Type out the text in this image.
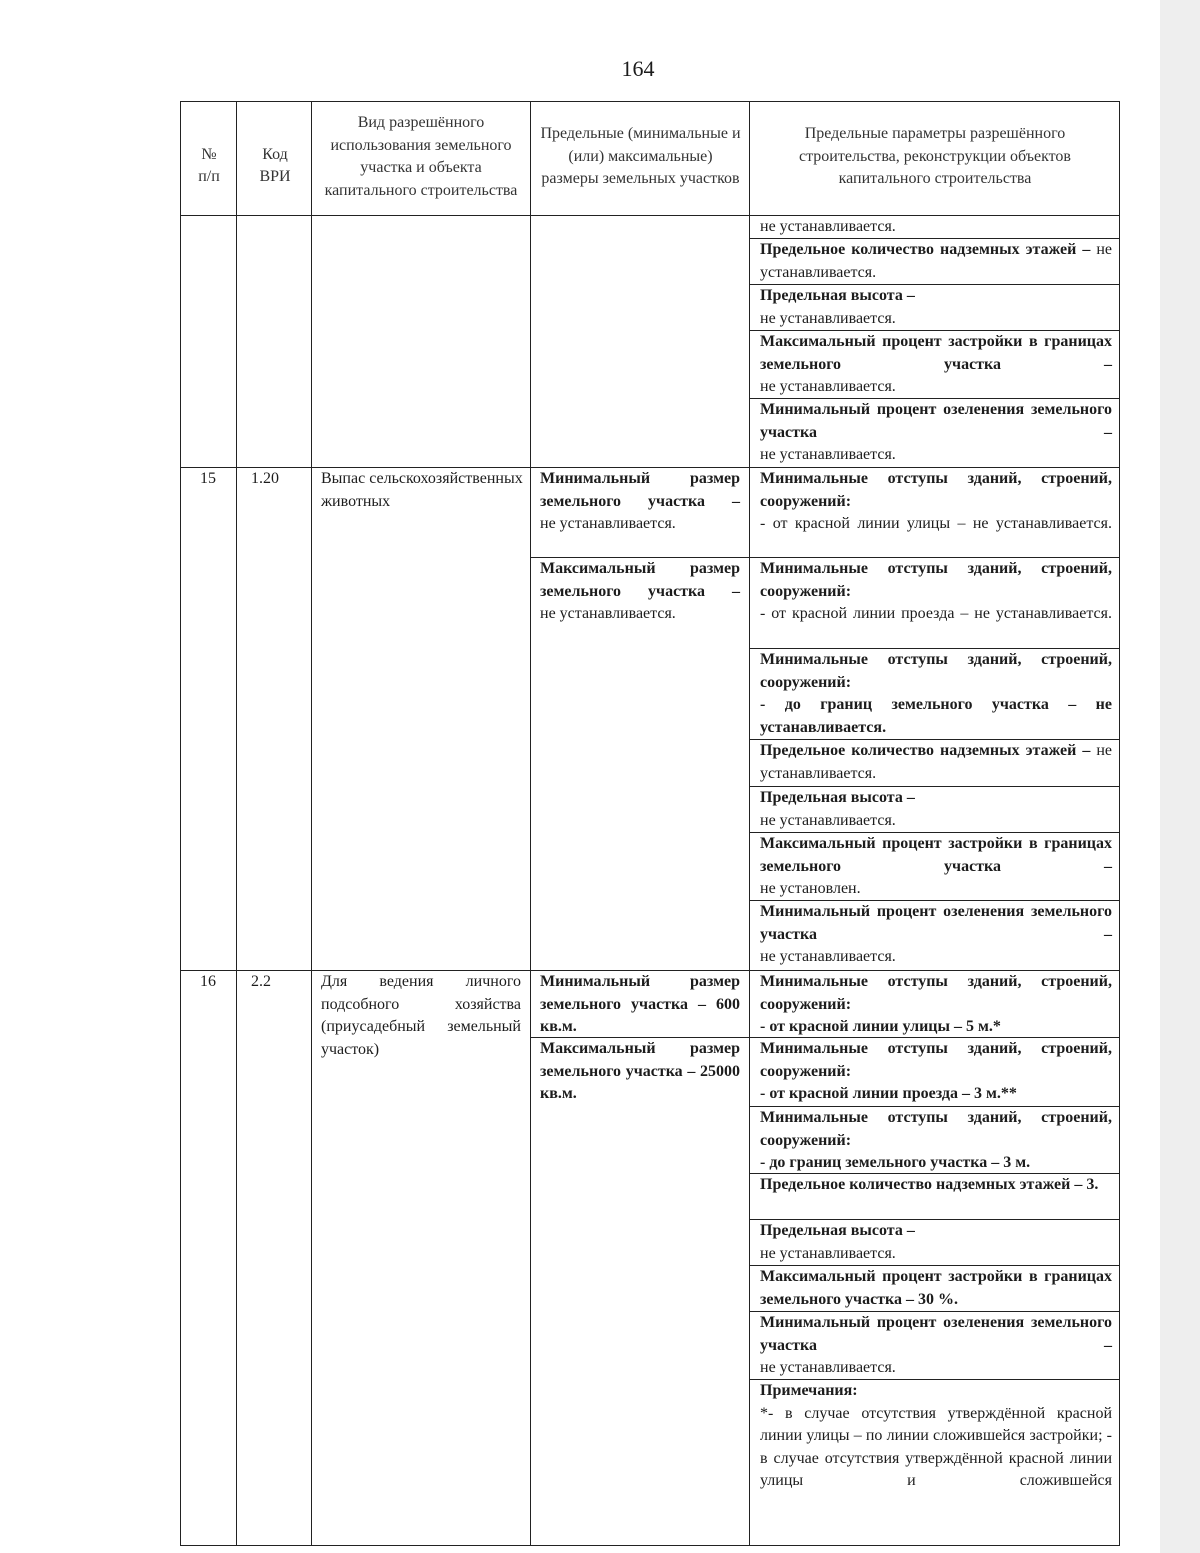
164
№ п/п
Код ВРИ
Вид разрешённого использования земельного участка и объекта капитального строительства
Предельные (минимальные и (или) максимальные) размеры земельных участков
Предельные параметры разрешённого строительства, реконструкции объектов капитального строительства
не устанавливается.
Предельное количество надземных этажей – не устанавливается.
Предельная высота –
не устанавливается.
Максимальный процент застройки в границах земельного участка –
не устанавливается.
Минимальный процент озеленения земельного участка –
не устанавливается.
15 1.20	Выпас сельскохозяйственных животных
Минимальный размер земельного участка –
не устанавливается.
Максимальный размер земельного участка –
не устанавливается.
Минимальные отступы зданий, строений, сооружений:
- от красной линии улицы – не устанавливается.
Минимальные отступы зданий, строений, сооружений:
- от красной линии проезда – не устанавливается.
Минимальные отступы зданий, строений, сооружений:
- до границ земельного участка – не устанавливается.
Предельное количество надземных этажей – не устанавливается.
Предельная высота –
не устанавливается.
Максимальный процент застройки в границах земельного участка –
не установлен.
Минимальный процент озеленения земельного участка –
не устанавливается.
16 2.2	Для ведения личного подсобного хозяйства (приусадебный земельный участок)
Минимальный размер земельного участка – 600 кв.м.
Максимальный размер земельного участка – 25000 кв.м.
Минимальные отступы зданий, строений, сооружений:
- от красной линии улицы – 5 м.*
Минимальные отступы зданий, строений, сооружений:
- от красной линии проезда – 3 м.**
Минимальные отступы зданий, строений, сооружений:
- до границ земельного участка – 3 м.
Предельное количество надземных этажей – 3.
Предельная высота –
не устанавливается.
Максимальный процент застройки в границах земельного участка – 30 %.
Минимальный процент озеленения земельного участка –
не устанавливается.
Примечания:
*- в случае отсутствия утверждённой красной линии улицы – по линии сложившейся застройки; - в случае отсутствия утверждённой красной линии улицы и сложившейся
